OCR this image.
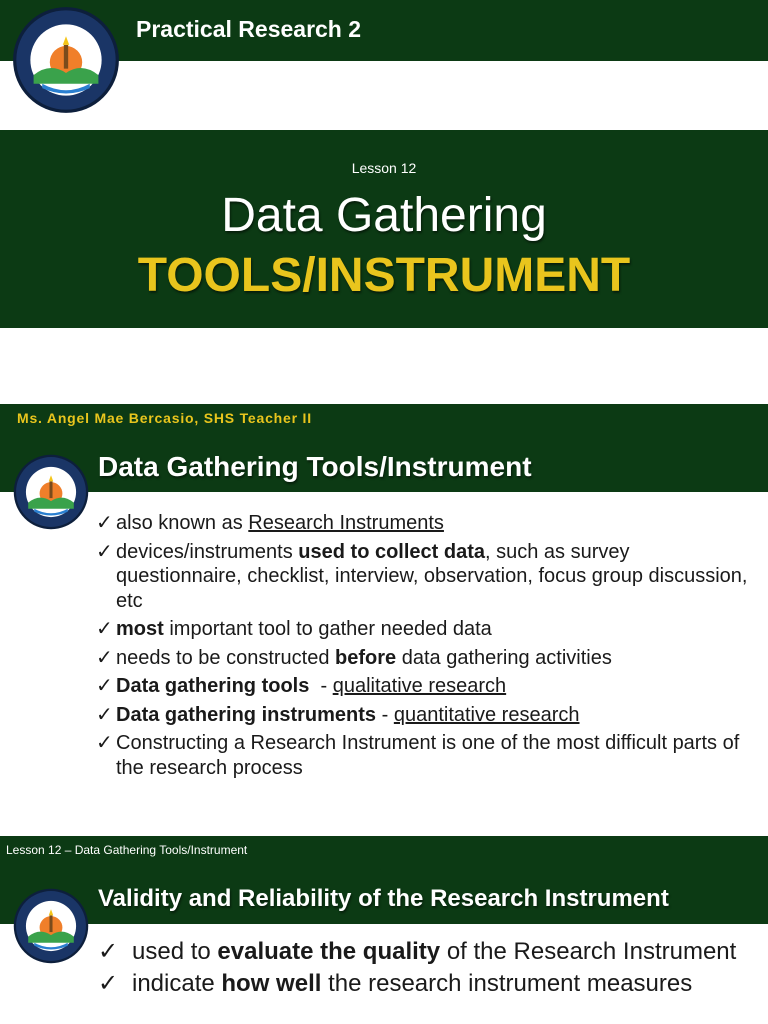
Practical Research 2
Lesson 12
Data Gathering
TOOLS/INSTRUMENT
Ms. Angel Mae Bercasio, SHS Teacher II
Data Gathering Tools/Instrument
✓ also known as Research Instruments
✓ devices/instruments used to collect data, such as survey questionnaire, checklist, interview, observation, focus group discussion, etc
✓ most important tool to gather needed data
✓ needs to be constructed before data gathering activities
✓ Data gathering tools  - qualitative research
✓ Data gathering instruments - quantitative research
✓ Constructing a Research Instrument is one of the most difficult parts of the research process
Lesson 12 – Data Gathering Tools/Instrument
Validity and Reliability of the Research Instrument
✓ used to evaluate the quality of the Research Instrument
✓ indicate how well the research instrument measures
